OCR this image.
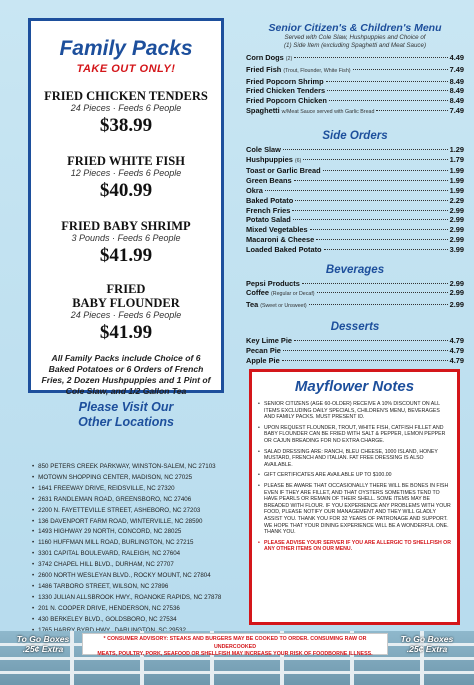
Family Packs
TAKE OUT ONLY!
FRIED CHICKEN TENDERS
24 Pieces · Feeds 6 People
$38.99
FRIED WHITE FISH
12 Pieces · Feeds 6 People
$40.99
FRIED BABY SHRIMP
3 Pounds · Feeds 6 People
$41.99
FRIED
BABY FLOUNDER
24 Pieces · Feeds 6 People
$41.99
All Family Packs include Choice of 6 Baked Potatoes or 6 Orders of French Fries, 2 Dozen Hushpuppies and 1 Pint of Cole Slaw, and 1/2 Gallon Tea
Please Visit Our
Other Locations
• 850 PETERS CREEK PARKWAY, WINSTON-SALEM, NC 27103
• MOTOWN SHOPPING CENTER, MADISON, NC 27025
• 1641 FREEWAY DRIVE, REIDSVILLE, NC 27320
• 2631 RANDLEMAN ROAD, GREENSBORO, NC 27406
• 2200 N. FAYETTEVILLE STREET, ASHEBORO, NC 27203
• 136 DAVENPORT FARM ROAD, WINTERVILLE, NC 28590
• 1493 HIGHWAY 29 NORTH, CONCORD, NC 28025
• 1160 HUFFMAN MILL ROAD, BURLINGTON, NC 27215
• 3301 CAPITAL BOULEVARD, RALEIGH, NC 27604
• 3742 CHAPEL HILL BLVD., DURHAM, NC 27707
• 2600 NORTH WESLEYAN BLVD., ROCKY MOUNT, NC 27804
• 1486 TARBORO STREET, WILSON, NC 27896
• 1330 JULIAN ALLSBROOK HWY., ROANOKE RAPIDS, NC 27878
• 201 N. COOPER DRIVE, HENDERSON, NC 27536
• 430 BERKELEY BLVD., GOLDSBORO, NC 27534
•
Senior Citizen's & Children's Menu
Served with Cole Slaw, Hushpuppies and Choice of
(1) Side Item (excluding Spaghetti and Meat Sauce)
Corn Dogs (2)	4.49
Fried Fish (Trout, Flounder, White Fish)	7.49
Fried Popcorn Shrimp	8.49
Fried Chicken Tenders	8.49
Fried Popcorn Chicken	8.49
Spaghetti w/Meat Sauce served with Garlic Bread	7.49
Side Orders
Cole Slaw	1.29
Hushpuppies (6)	1.79
Toast or Garlic Bread	1.99
Green Beans	1.99
Okra	1.99
Baked Potato	2.29
French Fries	2.99
Potato Salad	2.99
Mixed Vegetables	2.99
Macaroni & Cheese	2.99
Loaded Baked Potato	3.99
Beverages
Pepsi Products	2.99
Coffee (Regular or Decaf)	2.99
Tea (Sweet or Unsweet)	2.99
Desserts
Key Lime Pie	4.79
Pecan Pie	4.79
Apple Pie	4.79
Mayflower Notes
• SENIOR CITIZENS (AGE 60-OLDER) RECEIVE A 10% DISCOUNT ON ALL ITEMS EXCLUDING DAILY SPECIALS, CHILDREN'S MENU, BEVERAGES AND FAMILY PACKS. MUST PRESENT ID.
• UPON REQUEST FLOUNDER, TROUT, WHITE FISH, CATFISH FILLET AND BABY FLOUNDER CAN BE FRIED WITH SALT & PEPPER, LEMON PEPPER OR CAJUN BREADING FOR NO EXTRA CHARGE.
• SALAD DRESSING ARE: RANCH, BLEU CHEESE, 1000 ISLAND, HONEY MUSTARD, FRENCH AND ITALIAN. FAT FREE DRESSING IS ALSO AVAILABLE.
• GIFT CERTIFICATES ARE AVAILABLE UP TO $100.00
• PLEASE BE AWARE THAT OCCASIONALLY THERE WILL BE BONES IN FISH EVEN IF THEY ARE FILLET, AND THAT OYSTERS SOMETIMES TEND TO HAVE PEARLS OR REMAIN OF THEIR SHELL. SOME ITEMS MAY BE BREADED WITH FLOUR. IF YOU EXPERIENCE ANY PROBLEMS WITH YOUR FOOD, PLEASE NOTIFY OUR MANAGEMENT AND THEY WILL GLADLY ASSIST YOU. THANK YOU FOR 32 YEARS OF PATRONAGE AND SUPPORT. WE HOPE THAT YOUR DINING EXPERIENCE WILL BE A WONDERFUL ONE. THANK YOU.
• PLEASE ADVISE YOUR SERVER IF YOU ARE ALLERGIC TO SHELLFISH OR ANY OTHER ITEMS ON OUR MENU.
To Go Boxes
.25¢ Extra
To Go Boxes
.25¢ Extra
* CONSUMER ADVISORY: STEAKS AND BURGERS MAY BE COOKED TO ORDER. CONSUMING RAW OR UNDERCOOKED
MEATS, POULTRY, PORK, SEAFOOD OR SHELLFISH MAY INCREASE YOUR RISK OF FOODBORNE ILLNESS.
